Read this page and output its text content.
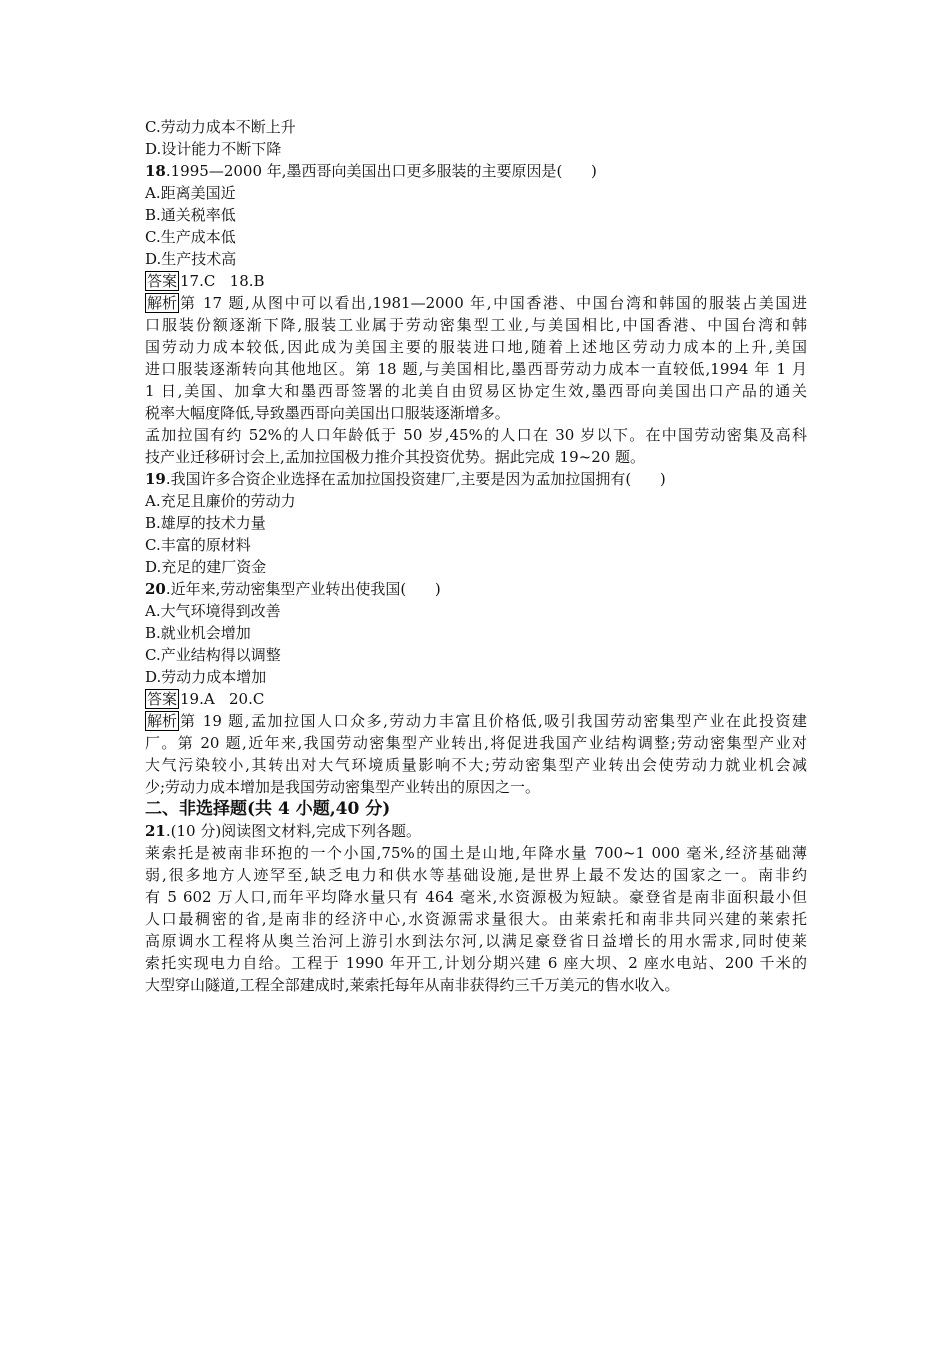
C.劳动力成本不断上升
D.设计能力不断下降
18.1995—2000 年,墨西哥向美国出口更多服装的主要原因是(      )
A.距离美国近
B.通关税率低
C.生产成本低
D.生产技术高
答案 17.C   18.B
解析 第 17 题,从图中可以看出,1981—2000 年,中国香港、中国台湾和韩国的服装占美国进
口服装份额逐渐下降,服装工业属于劳动密集型工业,与美国相比,中国香港、中国台湾和韩
国劳动力成本较低,因此成为美国主要的服装进口地,随着上述地区劳动力成本的上升,美国
进口服装逐渐转向其他地区。第 18 题,与美国相比,墨西哥劳动力成本一直较低,1994 年 1 月
1 日,美国、加拿大和墨西哥签署的北美自由贸易区协定生效,墨西哥向美国出口产品的通关
税率大幅度降低,导致墨西哥向美国出口服装逐渐增多。
孟加拉国有约 52%的人口年龄低于 50 岁,45%的人口在 30 岁以下。在中国劳动密集及高科
技产业迁移研讨会上,孟加拉国极力推介其投资优势。据此完成 19~20 题。
19.我国许多合资企业选择在孟加拉国投资建厂,主要是因为孟加拉国拥有(      )
A.充足且廉价的劳动力
B.雄厚的技术力量
C.丰富的原材料
D.充足的建厂资金
20.近年来,劳动密集型产业转出使我国(      )
A.大气环境得到改善
B.就业机会增加
C.产业结构得以调整
D.劳动力成本增加
答案 19.A   20.C
解析 第 19 题,孟加拉国人口众多,劳动力丰富且价格低,吸引我国劳动密集型产业在此投资建
厂。第 20 题,近年来,我国劳动密集型产业转出,将促进我国产业结构调整;劳动密集型产业对
大气污染较小,其转出对大气环境质量影响不大;劳动密集型产业转出会使劳动力就业机会减
少;劳动力成本增加是我国劳动密集型产业转出的原因之一。
二、非选择题(共 4 小题,40 分)
21.(10 分)阅读图文材料,完成下列各题。
莱索托是被南非环抱的一个小国,75%的国土是山地,年降水量 700~1 000 毫米,经济基础薄
弱,很多地方人迹罕至,缺乏电力和供水等基础设施,是世界上最不发达的国家之一。南非约
有 5 602 万人口,而年平均降水量只有 464 毫米,水资源极为短缺。豪登省是南非面积最小但
人口最稠密的省,是南非的经济中心,水资源需求量很大。由莱索托和南非共同兴建的莱索托
高原调水工程将从奥兰治河上游引水到法尔河,以满足豪登省日益增长的用水需求,同时使莱
索托实现电力自给。工程于 1990 年开工,计划分期兴建 6 座大坝、2 座水电站、200 千米的
大型穿山隧道,工程全部建成时,莱索托每年从南非获得约三千万美元的售水收入。
